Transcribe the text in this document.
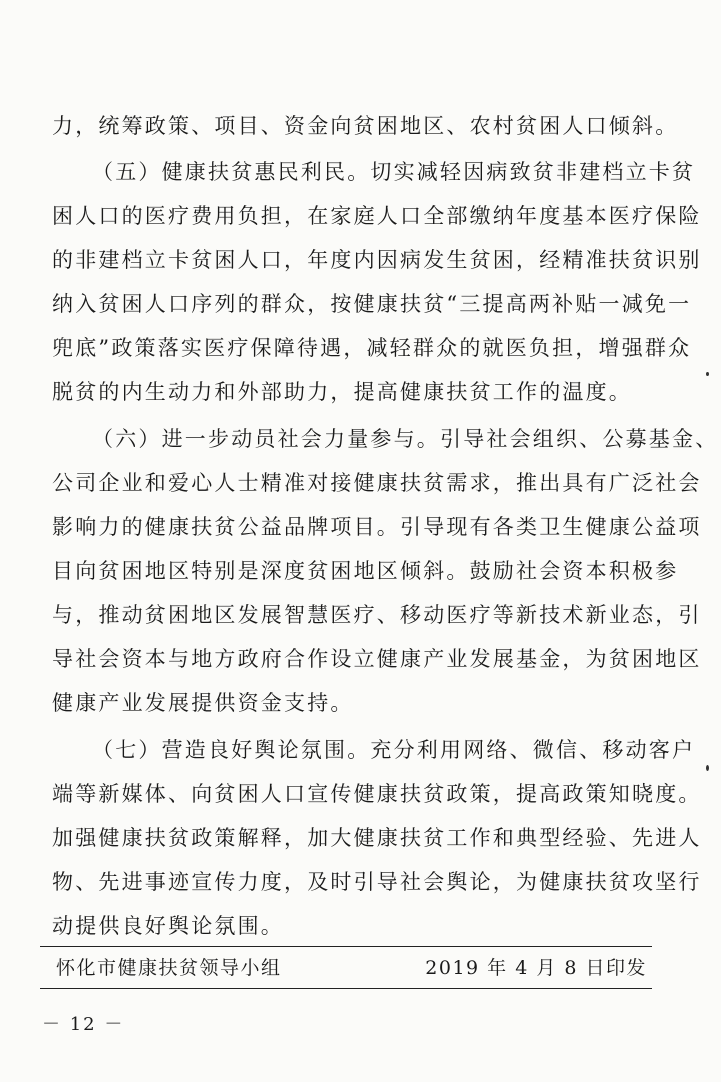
力，统筹政策、项目、资金向贫困地区、农村贫困人口倾斜。
（五）健康扶贫惠民利民。切实减轻因病致贫非建档立卡贫
困人口的医疗费用负担，在家庭人口全部缴纳年度基本医疗保险
的非建档立卡贫困人口，年度内因病发生贫困，经精准扶贫识别
纳入贫困人口序列的群众，按健康扶贫“三提高两补贴一减免一
兜底”政策落实医疗保障待遇，减轻群众的就医负担，增强群众
脱贫的内生动力和外部助力，提高健康扶贫工作的温度。
（六）进一步动员社会力量参与。引导社会组织、公募基金、
公司企业和爱心人士精准对接健康扶贫需求，推出具有广泛社会
影响力的健康扶贫公益品牌项目。引导现有各类卫生健康公益项
目向贫困地区特别是深度贫困地区倾斜。鼓励社会资本积极参
与，推动贫困地区发展智慧医疗、移动医疗等新技术新业态，引
导社会资本与地方政府合作设立健康产业发展基金，为贫困地区
健康产业发展提供资金支持。
（七）营造良好舆论氛围。充分利用网络、微信、移动客户
端等新媒体、向贫困人口宣传健康扶贫政策，提高政策知晓度。
加强健康扶贫政策解释，加大健康扶贫工作和典型经验、先进人
物、先进事迹宣传力度，及时引导社会舆论，为健康扶贫攻坚行
动提供良好舆论氛围。
怀化市健康扶贫领导小组	2019 年 4 月 8 日印发
－ 12 －
